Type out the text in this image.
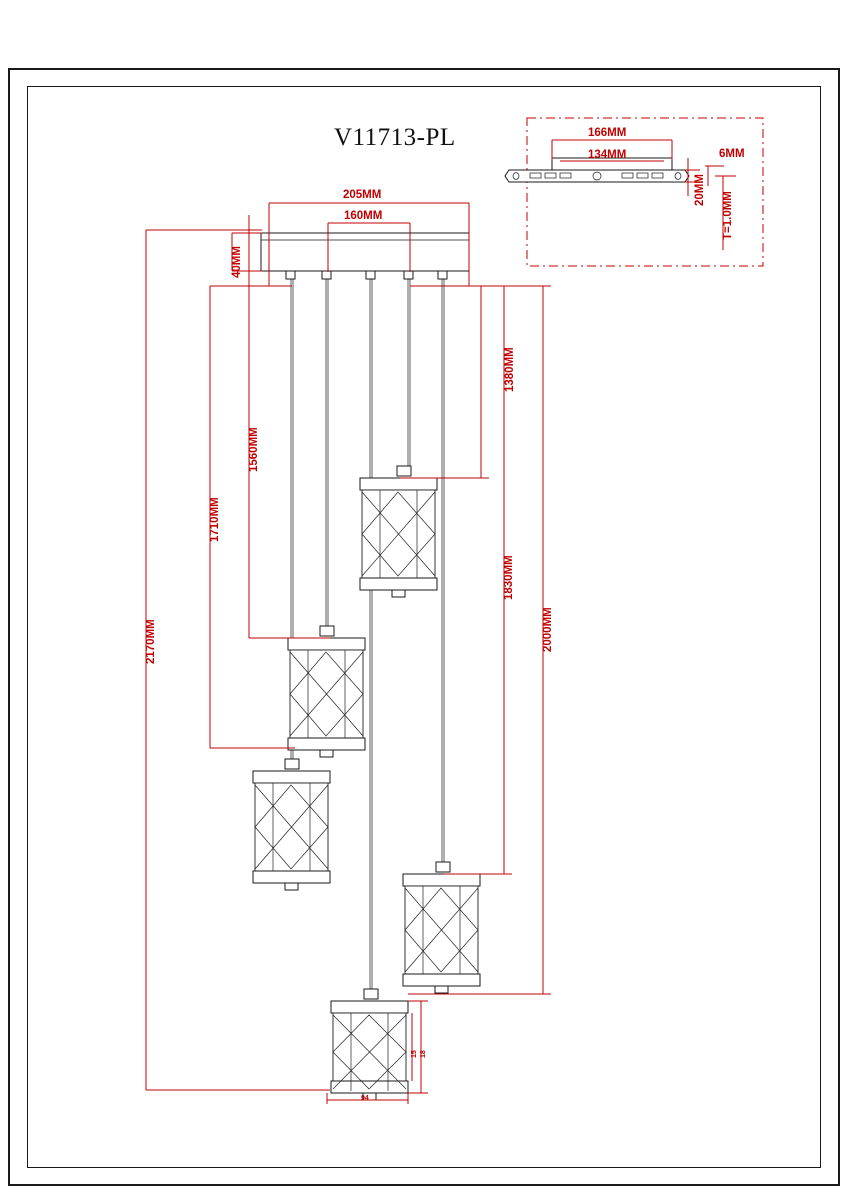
V11713-PL
205MM
160MM
40MM
1380MM
1560MM
1710MM
1830MM
2000MM
2170MM
94
18
15
166MM
134MM
20MM
6MM
T=1.0MM
